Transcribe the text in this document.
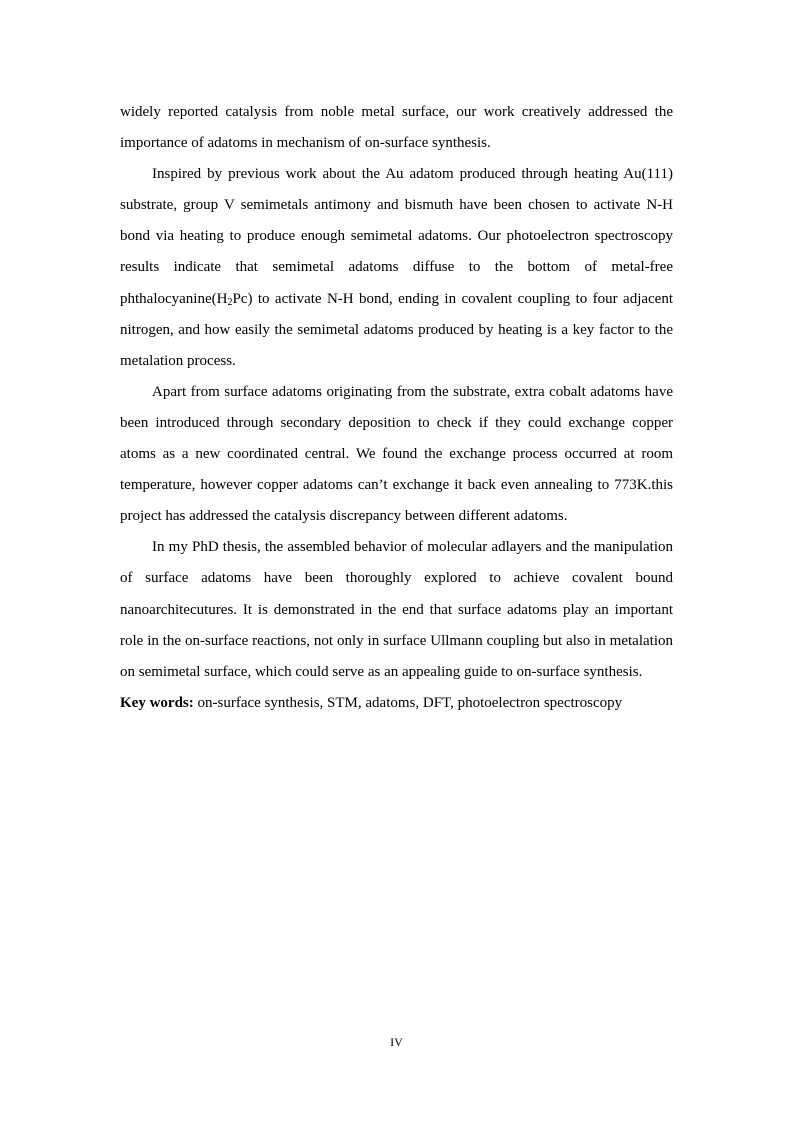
widely reported catalysis from noble metal surface, our work creatively addressed the importance of adatoms in mechanism of on-surface synthesis.

Inspired by previous work about the Au adatom produced through heating Au(111) substrate, group V semimetals antimony and bismuth have been chosen to activate N-H bond via heating to produce enough semimetal adatoms. Our photoelectron spectroscopy results indicate that semimetal adatoms diffuse to the bottom of metal-free $phthalocyanine(H_2Pc)$ to activate N-H bond, ending in covalent coupling to four adjacent nitrogen, and how easily the semimetal adatoms produced by heating is a key factor to the metalation process.

Apart from surface adatoms originating from the substrate, extra cobalt adatoms have been introduced through secondary deposition to check if they could exchange copper atoms as a new coordinated central. We found the exchange process occurred at room temperature, however copper adatoms can’t exchange it back even annealing to 773K.this project has addressed the catalysis discrepancy between different adatoms.

In my PhD thesis, the assembled behavior of molecular adlayers and the manipulation of surface adatoms have been thoroughly explored to achieve covalent bound nanoarchitecutures. It is demonstrated in the end that surface adatoms play an important role in the on-surface reactions, not only in surface Ullmann coupling but also in metalation on semimetal surface, which could serve as an appealing guide to on-surface synthesis.

Key words: on-surface synthesis, STM, adatoms, DFT, photoelectron spectroscopy

IV
